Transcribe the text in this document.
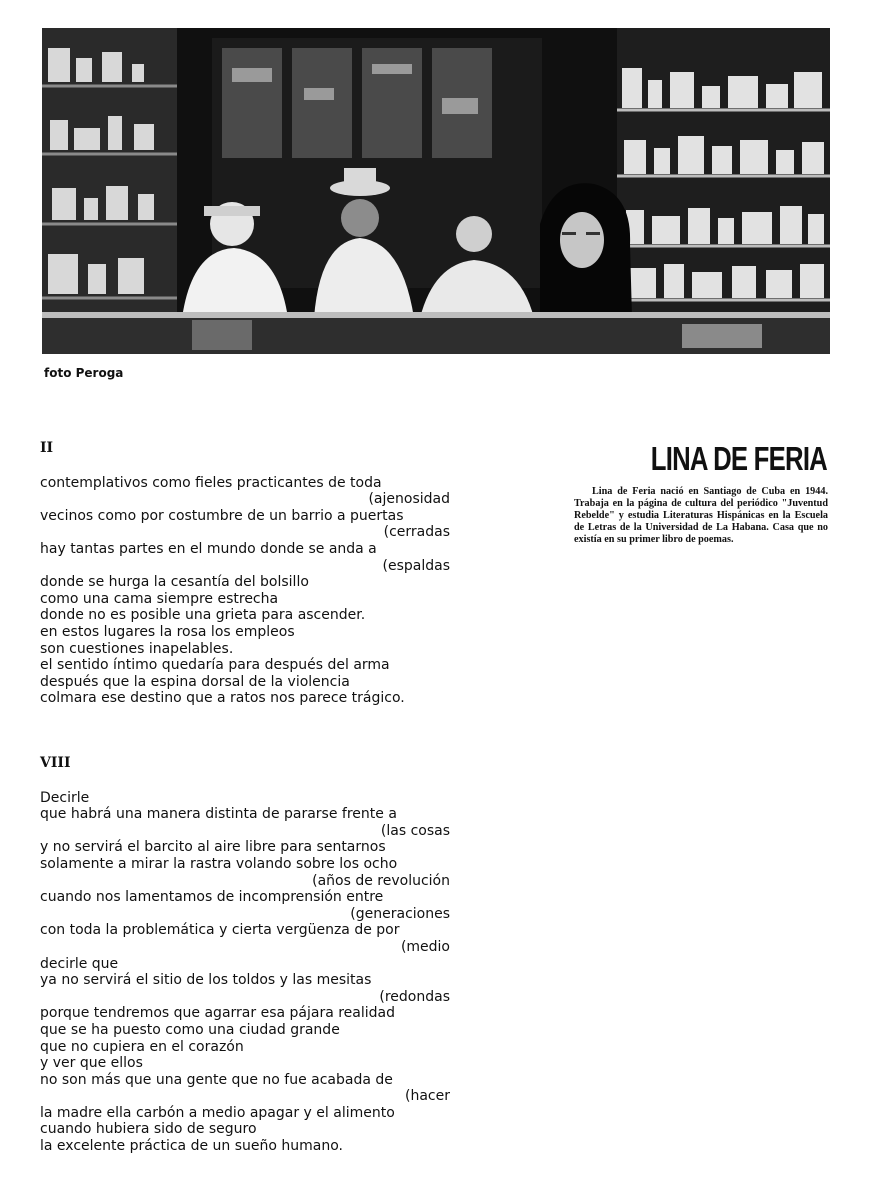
foto Peroga
II
contemplativos como fieles practicantes de toda
(ajenosidad
vecinos como por costumbre de un barrio a puertas
(cerradas
hay tantas partes en el mundo donde se anda a
(espaldas
donde se hurga la cesantía del bolsillo
como una cama siempre estrecha
donde no es posible una grieta para ascender.
en estos lugares la rosa los empleos
son cuestiones inapelables.
el sentido íntimo quedaría para después del arma
después que la espina dorsal de la violencia
colmara ese destino que a ratos nos parece trágico.
VIII
Decirle
que habrá una manera distinta de pararse frente a
(las cosas
y no servirá el barcito al aire libre para sentarnos
solamente a mirar la rastra volando sobre los ocho
(años de revolución
cuando nos lamentamos de incomprensión entre
(generaciones
con toda la problemática y cierta vergüenza de por
(medio
decirle que
ya no servirá el sitio de los toldos y las mesitas
(redondas
porque tendremos que agarrar esa pájara realidad
que se ha puesto como una ciudad grande
que no cupiera en el corazón
y ver que ellos
no son más que una gente que no fue acabada de
(hacer
la madre ella carbón a medio apagar y el alimento
cuando hubiera sido de seguro
la excelente práctica de un sueño humano.
LINA DE FERIA
Lina de Feria nació en Santiago de Cuba en 1944. Trabaja en la página de cultura del periódico "Juventud Rebelde" y estudia Literaturas Hispánicas en la Escuela de Letras de la Universidad de La Habana. Casa que no existía en su primer libro de poemas.
